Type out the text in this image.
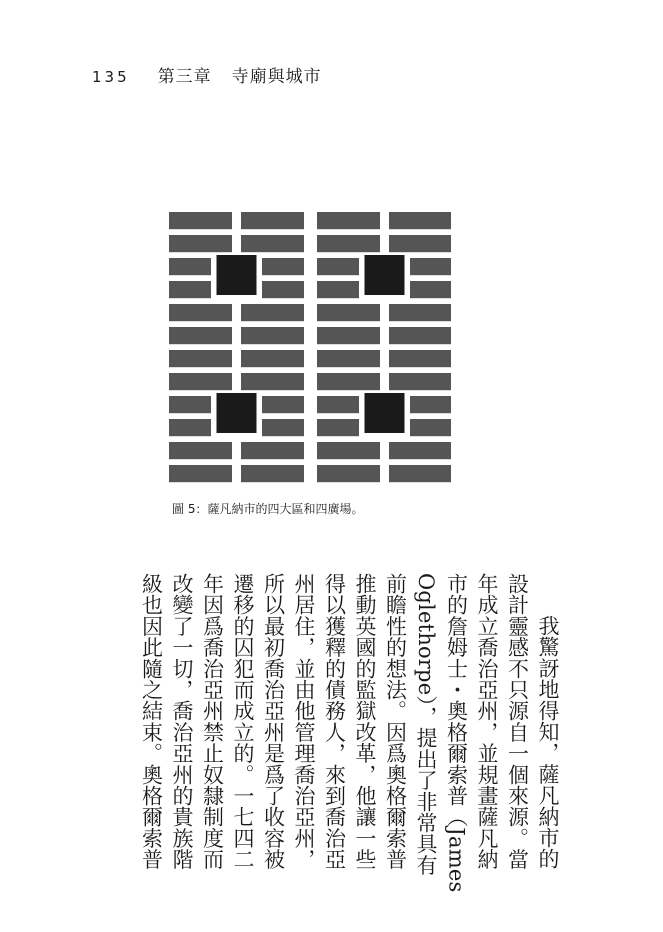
135 第三章 寺廟與城市
圖 5：薩凡納市的四大區和四廣場。
我驚訝地得知，薩凡納市的
設計靈感不只源自一個來源。當
年成立喬治亞州，並規畫薩凡納
市的詹姆士・奧格爾索普（James
Oglethorpe），提出了非常具有
前瞻性的想法。因爲奧格爾索普
推動英國的監獄改革，他讓一些
得以獲釋的債務人，來到喬治亞
州居住，並由他管理喬治亞州，
所以最初喬治亞州是爲了收容被
遷移的囚犯而成立的。一七四二
年因爲喬治亞州禁止奴隸制度而
改變了一切，喬治亞州的貴族階
級也因此隨之結束。奧格爾索普
